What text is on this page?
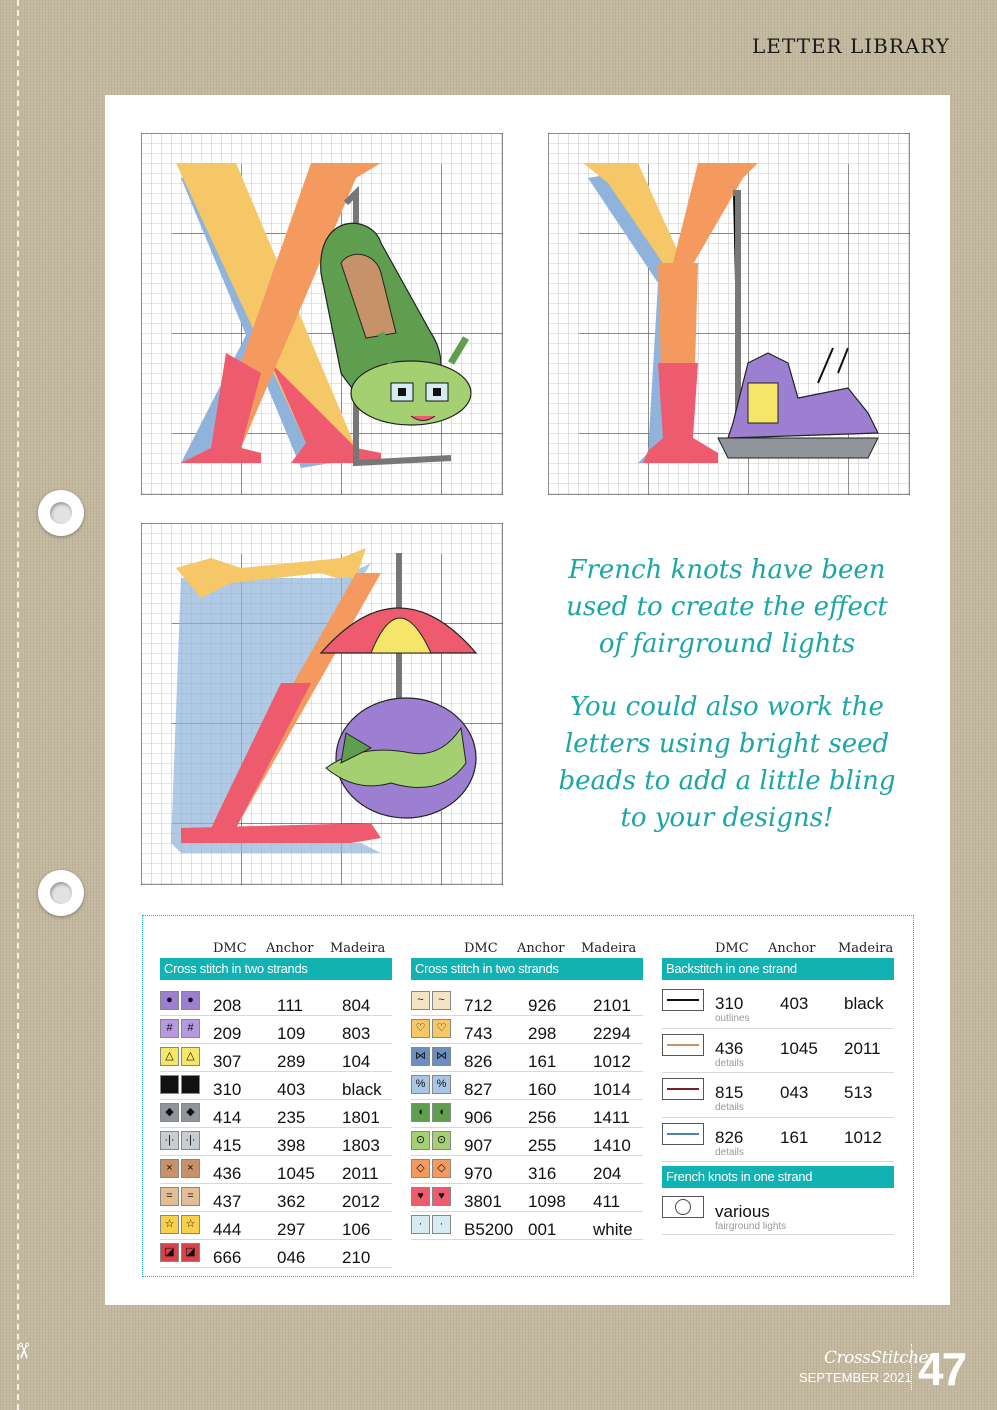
✂
LETTER LIBRARY

French knots have been used to create the effect of fairground lights

You could also work the letters using bright seed beads to add a little bling to your designs!

DMC Anchor Madeira
Cross stitch in two strands
●	●	208 111 804
#	#	209 109 803
△	△	307 289 104
●	●	310 403 black
◆	◆	414 235 1801
·|· ·|· 415 398 1803
×	×	436 1045 2011
=	=	437 362 2012
☆	☆ 444 297 106
◪ ◪ 666 046 210
DMC Anchor Madeira
Cross stitch in two strands
~	~	712 926 2101
♡	♡ 743 298 2294
⋈ ⋈ 826 161 1012
%	% 827 160 1014
◖	◖	906 256 1411
⊙	⊙ 907 255 1410
◇	◇	970 316 204
♥	♥	3801 1098 411
·	·	B5200 001 white
DMC Anchor Madeira
Backstitch in one strand
310 403 black
outlines
436 1045 2011
details
815 043 513
details
826 161 1012
details
French knots in one strand
various
fairground lights
CrossStitcher
SEPTEMBER 2021 47
